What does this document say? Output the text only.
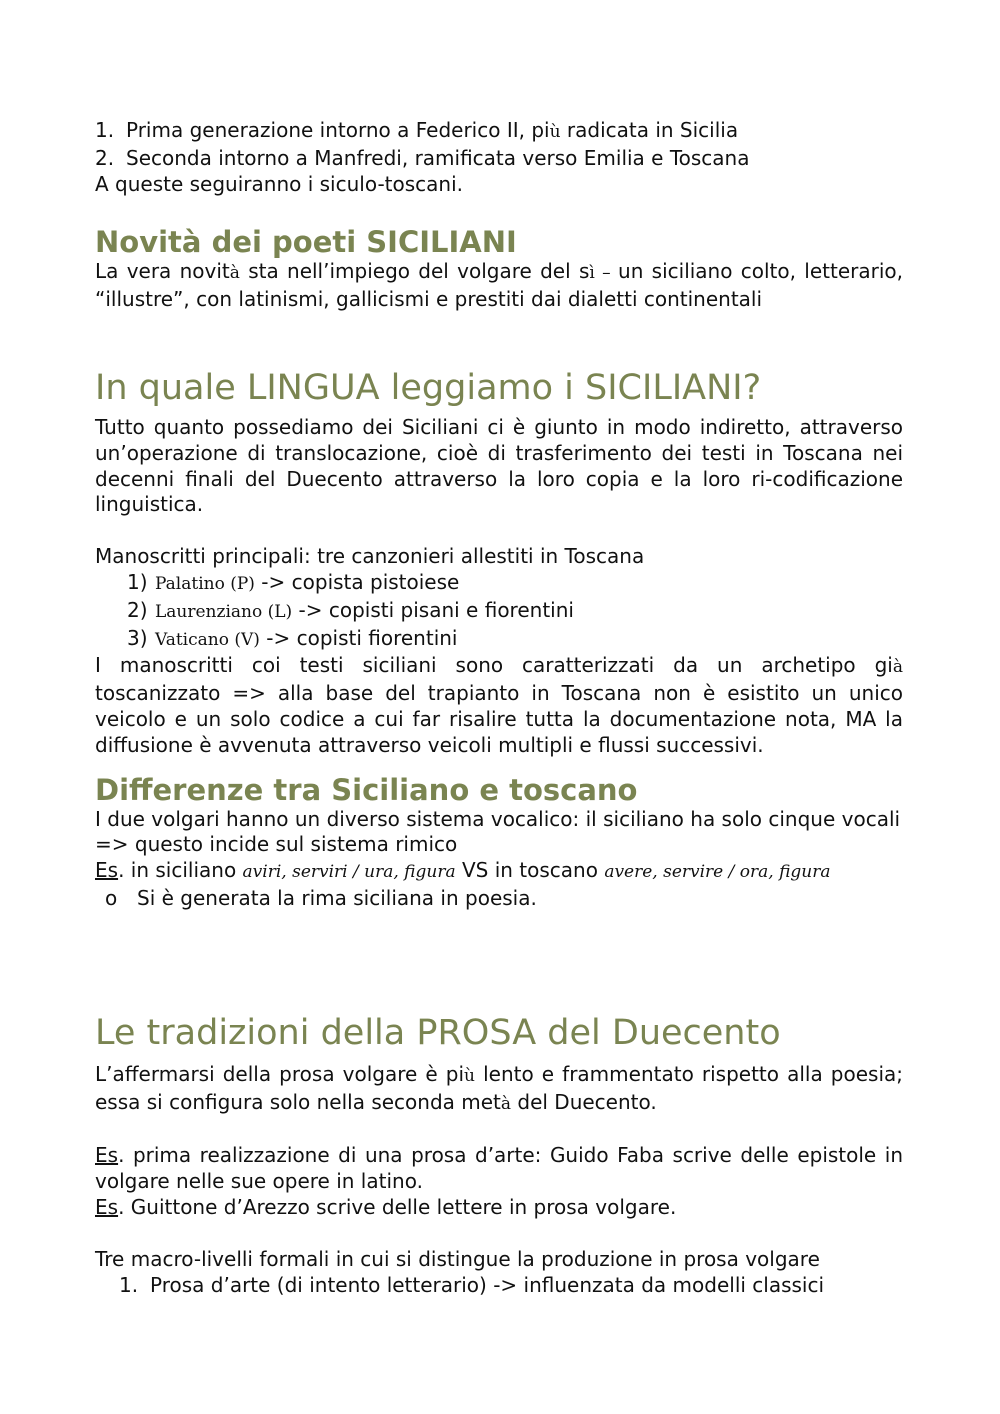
1. Prima generazione intorno a Federico II, più radicata in Sicilia
2. Seconda intorno a Manfredi, ramificata verso Emilia e Toscana

A queste seguiranno i siculo-toscani.

Novità dei poeti SICILIANI

La vera novità sta nell’impiego del volgare del sì – un siciliano colto, letterario, “illustre”, con latinismi, gallicismi e prestiti dai dialetti continentali

In quale LINGUA leggiamo i SICILIANI?

Tutto quanto possediamo dei Siciliani ci è giunto in modo indiretto, attraverso un’operazione di translocazione, cioè di trasferimento dei testi in Toscana nei decenni finali del Duecento attraverso la loro copia e la loro ri-codificazione linguistica.

Manoscritti principali: tre canzonieri allestiti in Toscana

1) Palatino (P) -> copista pistoiese
2) Laurenziano (L) -> copisti pisani e fiorentini
3) Vaticano (V) -> copisti fiorentini

I manoscritti coi testi siciliani sono caratterizzati da un archetipo già toscanizzato => alla base del trapianto in Toscana non è esistito un unico veicolo e un solo codice a cui far risalire tutta la documentazione nota, MA la diffusione è avvenuta attraverso veicoli multipli e flussi successivi.

Differenze tra Siciliano e toscano

I due volgari hanno un diverso sistema vocalico: il siciliano ha solo cinque vocali => questo incide sul sistema rimico

Es. in siciliano aviri, serviri / ura, figura VS in toscano avere, servire / ora, figura

o Si è generata la rima siciliana in poesia.
Le tradizioni della PROSA del Duecento

L’affermarsi della prosa volgare è più lento e frammentato rispetto alla poesia; essa si configura solo nella seconda metà del Duecento.

Es. prima realizzazione di una prosa d’arte: Guido Faba scrive delle epistole in volgare nelle sue opere in latino.

Es. Guittone d’Arezzo scrive delle lettere in prosa volgare.

Tre macro-livelli formali in cui si distingue la produzione in prosa volgare

1. Prosa d’arte (di intento letterario) -> influenzata da modelli classici
